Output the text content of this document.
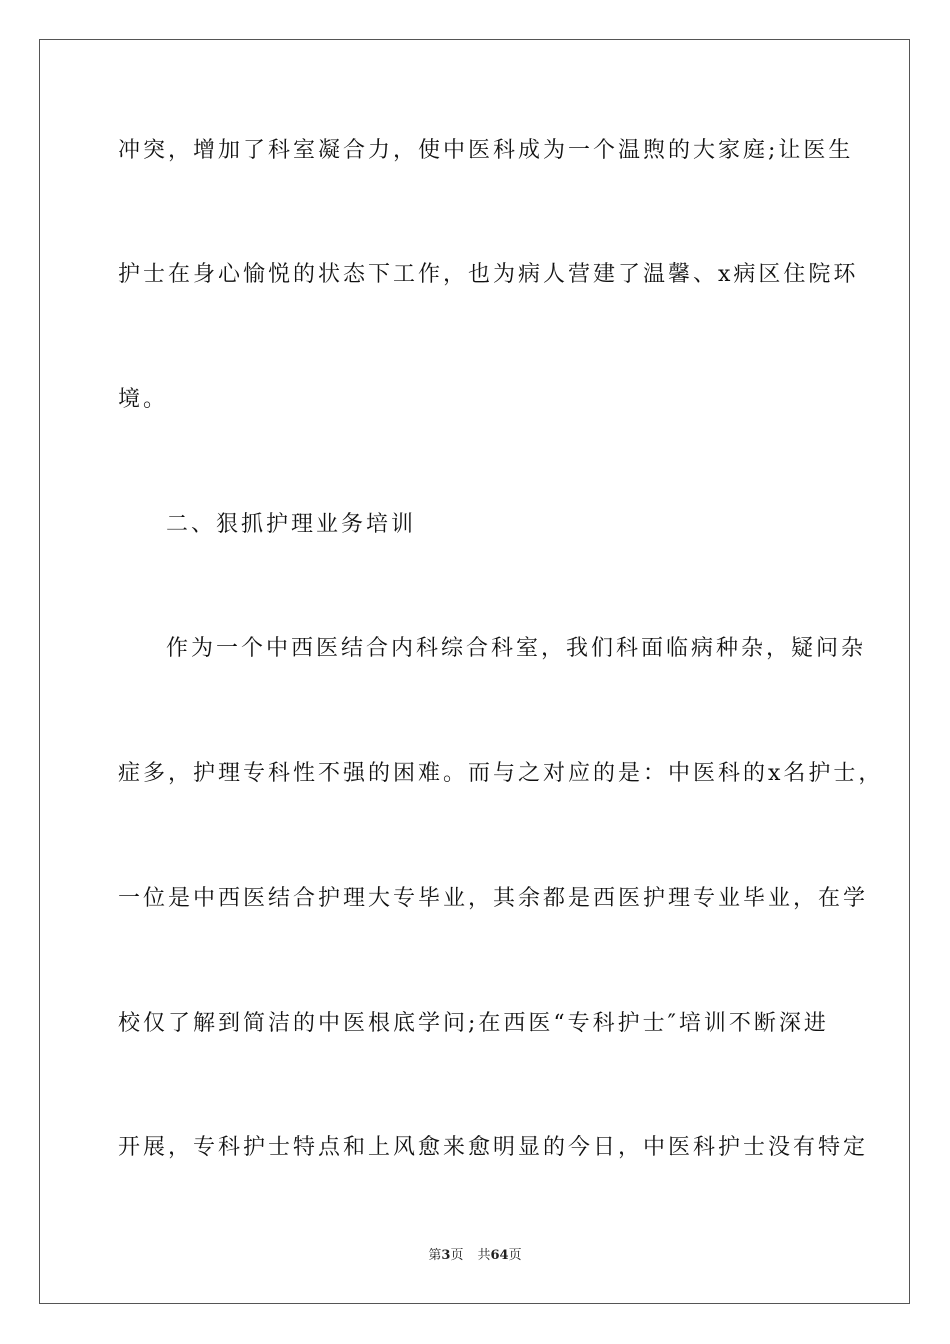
冲突，增加了科室凝合力，使中医科成为一个温煦的大家庭;让医生
护士在身心愉悦的状态下工作，也为病人营建了温馨、x病区住院环
境。
二、狠抓护理业务培训
作为一个中西医结合内科综合科室，我们科面临病种杂，疑问杂
症多，护理专科性不强的困难。而与之对应的是：中医科的x名护士，
一位是中西医结合护理大专毕业，其余都是西医护理专业毕业，在学
校仅了解到简洁的中医根底学问;在西医“专科护士″培训不断深进
开展，专科护士特点和上风愈来愈明显的今日，中医科护士没有特定
第3页 共64页
